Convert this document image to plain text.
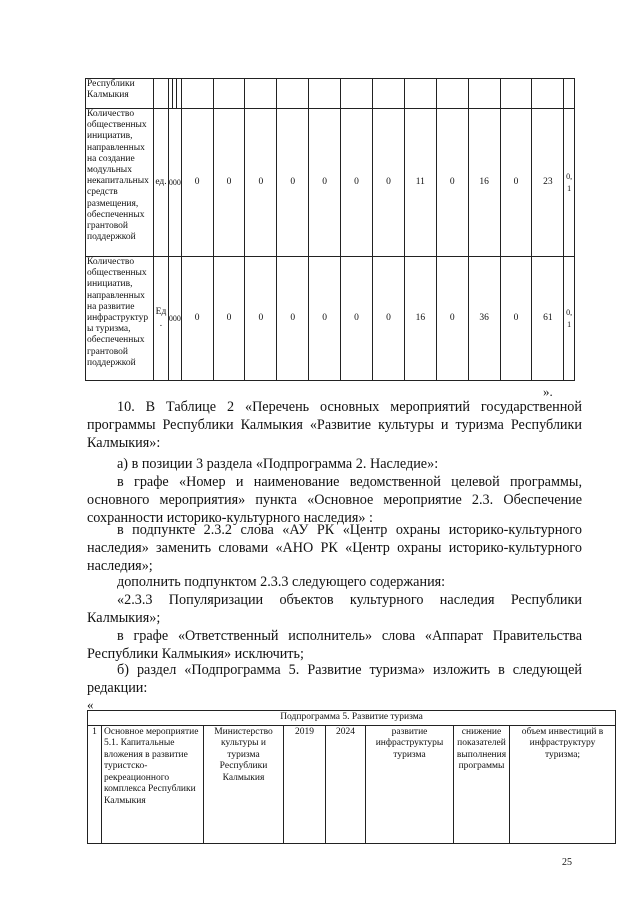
Республики Калмыкия																	
Количество общественных инициатив, направленных на создание модульных некапитальных средств размещения, обеспеченных грантовой поддержкой	ед.	000			0	0	0	0	0	0	0	11	0	16	0	23	0, 1
Количество общественных инициатив, направленных на развитие инфраструктур ы туризма, обеспеченных грантовой поддержкой	Ед .	000			0	0	0	0	0	0	0	16	0	36	0	61	0, 1
».
10. В Таблице 2 «Перечень основных мероприятий государственной программы Республики Калмыкия «Развитие культуры и туризма Республики Калмыкия»:
а) в позиции 3 раздела «Подпрограмма 2. Наследие»:
в графе «Номер и наименование ведомственной целевой программы, основного мероприятия» пункта «Основное мероприятие 2.3. Обеспечение сохранности историко-культурного наследия» :
в подпункте 2.3.2 слова «АУ РК «Центр охраны историко-культурного наследия» заменить словами «АНО РК «Центр охраны историко-культурного наследия»;
дополнить подпунктом 2.3.3 следующего содержания:
«2.3.3 Популяризации объектов культурного наследия Республики Калмыкия»;
в графе «Ответственный исполнитель» слова «Аппарат Правительства Республики Калмыкия» исключить;
б) раздел «Подпрограмма 5. Развитие туризма» изложить в следующей редакции:
«
Подпрограмма 5. Развитие туризма
1	Основное мероприятие 5.1. Капитальные вложения в развитие туристско-рекреационного комплекса Республики Калмыкия	Министерство культуры и туризма Республики Калмыкия	2019	2024	развитие инфраструктуры туризма	снижение показателей выполнения программы	объем инвестиций в инфраструктуру туризма;
25
